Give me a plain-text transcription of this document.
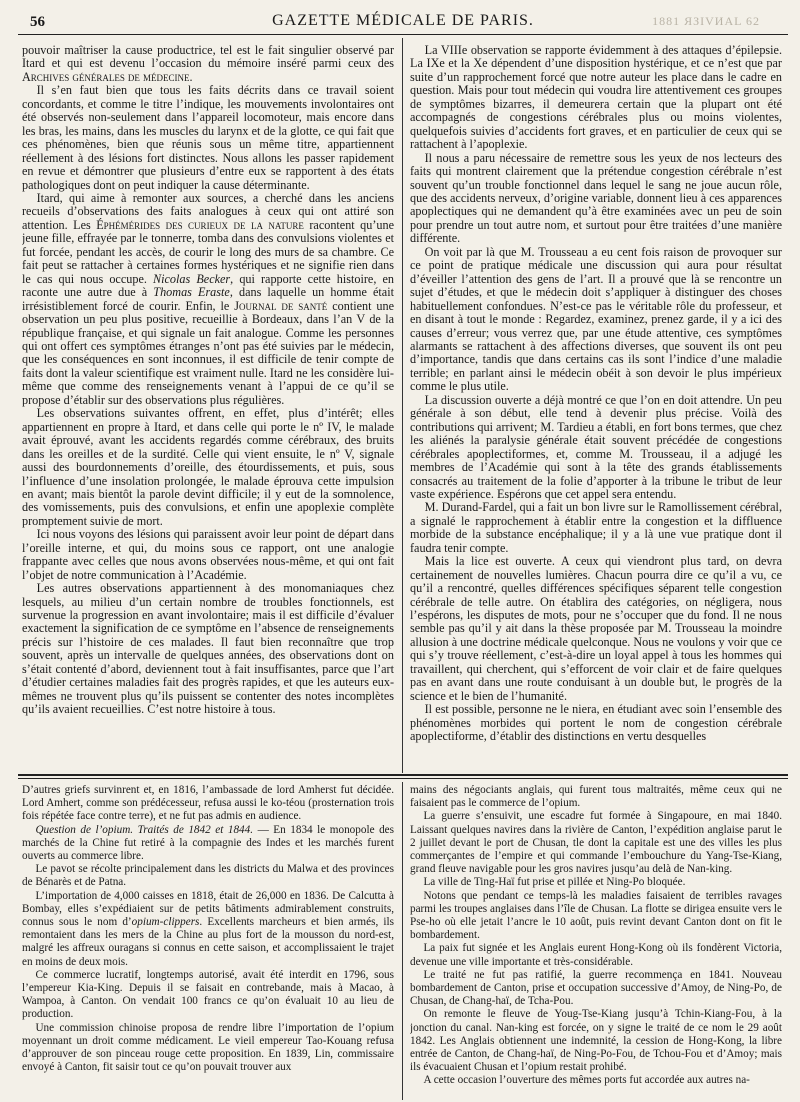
56	GAZETTE MÉDICALE DE PARIS.	1881 ЯЗΙVИАL 62

pouvoir maîtriser la cause productrice, tel est le fait singulier observé par Itard et qui est devenu l’occasion du mémoire inséré parmi ceux des Archives générales de médecine.

Il s’en faut bien que tous les faits décrits dans ce travail soient concordants, et comme le titre l’indique, les mouvements involontaires ont été observés non-seulement dans l’appareil locomoteur, mais encore dans les bras, les mains, dans les muscles du larynx et de la glotte, ce qui fait que ces phénomènes, bien que réunis sous un même titre, appartiennent réellement à des lésions fort distinctes. Nous allons les passer rapidement en revue et démontrer que plusieurs d’entre eux se rapportent à des états pathologiques dont on peut indiquer la cause déterminante.

Itard, qui aime à remonter aux sources, a cherché dans les anciens recueils d’observations des faits analogues à ceux qui ont attiré son attention. Les Éphémérides des curieux de la nature racontent qu’une jeune fille, effrayée par le tonnerre, tomba dans des convulsions violentes et fut forcée, pendant les accès, de courir le long des murs de sa chambre. Ce fait peut se rattacher à certaines formes hystériques et ne signifie rien dans le cas qui nous occupe. Nicolas Becker, qui rapporte cette histoire, en raconte une autre due à Thomas Eraste, dans laquelle un homme était irrésistiblement forcé de courir. Enfin, le Journal de santé contient une observation un peu plus positive, recueillie à Bordeaux, dans l’an V de la république française, et qui signale un fait analogue. Comme les personnes qui ont offert ces symptômes étranges n’ont pas été suivies par le médecin, que les conséquences en sont inconnues, il est difficile de tenir compte de faits dont la valeur scientifique est vraiment nulle. Itard ne les considère lui-même que comme des renseignements venant à l’appui de ce qu’il se propose d’établir sur des observations plus régulières.

Les observations suivantes offrent, en effet, plus d’intérêt; elles appartiennent en propre à Itard, et dans celle qui porte le nº IV, le malade avait éprouvé, avant les accidents regardés comme cérébraux, des bruits dans les oreilles et de la surdité. Celle qui vient ensuite, le nº V, signale aussi des bourdonnements d’oreille, des étourdissements, et puis, sous l’influence d’une insolation prolongée, le malade éprouva cette impulsion en avant; mais bientôt la parole devint difficile; il y eut de la somnolence, des vomissements, puis des convulsions, et enfin une apoplexie complète promptement suivie de mort.

Ici nous voyons des lésions qui paraissent avoir leur point de départ dans l’oreille interne, et qui, du moins sous ce rapport, ont une analogie frappante avec celles que nous avons observées nous-même, et qui ont fait l’objet de notre communication à l’Académie.

Les autres observations appartiennent à des monomaniaques chez lesquels, au milieu d’un certain nombre de troubles fonctionnels, est survenue la progression en avant involontaire; mais il est difficile d’évaluer exactement la signification de ce symptôme en l’absence de renseignements précis sur l’histoire de ces malades. Il faut bien reconnaître que trop souvent, après un intervalle de quelques années, des observations dont on s’était contenté d’abord, deviennent tout à fait insuffisantes, parce que l’art d’étudier certaines maladies fait des progrès rapides, et que les auteurs eux-mêmes ne trouvent plus qu’ils puissent se contenter des notes incomplètes qu’ils avaient recueillies. C’est notre histoire à tous.

La VIIIe observation se rapporte évidemment à des attaques d’épilepsie. La IXe et la Xe dépendent d’une disposition hystérique, et ce n’est que par suite d’un rapprochement forcé que notre auteur les place dans le cadre en question. Mais pour tout médecin qui voudra lire attentivement ces groupes de symptômes bizarres, il demeurera certain que la plupart ont été accompagnés de congestions cérébrales plus ou moins violentes, quelquefois suivies d’accidents fort graves, et en particulier de ceux qui se rattachent à l’apoplexie.

Il nous a paru nécessaire de remettre sous les yeux de nos lecteurs des faits qui montrent clairement que la prétendue congestion cérébrale n’est souvent qu’un trouble fonctionnel dans lequel le sang ne joue aucun rôle, que des accidents nerveux, d’origine variable, donnent lieu à ces apparences apoplectiques qui ne demandent qu’à être examinées avec un peu de soin pour prendre un tout autre nom, et surtout pour être traitées d’une manière différente.

On voit par là que M. Trousseau a eu cent fois raison de provoquer sur ce point de pratique médicale une discussion qui aura pour résultat d’éveiller l’attention des gens de l’art. Il a prouvé que là se rencontre un sujet d’études, et que le médecin doit s’appliquer à distinguer des choses habituellement confondues. N’est-ce pas le véritable rôle du professeur, et en disant à tout le monde : Regardez, examinez, prenez garde, il y a ici des causes d’erreur; vous verrez que, par une étude attentive, ces symptômes alarmants se rattachent à des affections diverses, que souvent ils ont peu d’importance, tandis que dans certains cas ils sont l’indice d’une maladie terrible; en parlant ainsi le médecin obéit à son devoir le plus impérieux comme le plus utile.

La discussion ouverte a déjà montré ce que l’on en doit attendre. Un peu générale à son début, elle tend à devenir plus précise. Voilà des contributions qui arrivent; M. Tardieu a établi, en fort bons termes, que chez les aliénés la paralysie générale était souvent précédée de congestions cérébrales apoplectiformes, et, comme M. Trousseau, il a adjugé les membres de l’Académie qui sont à la tête des grands établissements consacrés au traitement de la folie d’apporter à la tribune le tribut de leur vaste expérience. Espérons que cet appel sera entendu.

M. Durand-Fardel, qui a fait un bon livre sur le Ramollissement cérébral, a signalé le rapprochement à établir entre la congestion et la diffluence morbide de la substance encéphalique; il y a là une vue pratique dont il faudra tenir compte.

Mais la lice est ouverte. A ceux qui viendront plus tard, on devra certainement de nouvelles lumières. Chacun pourra dire ce qu’il a vu, ce qu’il a rencontré, quelles différences spécifiques séparent telle congestion cérébrale de telle autre. On établira des catégories, on négligera, nous l’espérons, les disputes de mots, pour ne s’occuper que du fond. Il ne nous semble pas qu’il y ait dans la thèse proposée par M. Trousseau la moindre allusion à une doctrine médicale quelconque. Nous ne voulons y voir que ce qui s’y trouve réellement, c’est-à-dire un loyal appel à tous les hommes qui travaillent, qui cherchent, qui s’efforcent de voir clair et de faire quelques pas en avant dans une route conduisant à un double but, le progrès de la science et le bien de l’humanité.

Il est possible, personne ne le niera, en étudiant avec soin l’ensemble des phénomènes morbides qui portent le nom de congestion cérébrale apoplectiforme, d’établir des distinctions en vertu desquelles

D’autres griefs survinrent et, en 1816, l’ambassade de lord Amherst fut décidée. Lord Amhert, comme son prédécesseur, refusa aussi le ko-téou (prosternation trois fois répétée face contre terre), et ne fut pas admis en audience.

Question de l’opium. Traités de 1842 et 1844. — En 1834 le monopole des marchés de la Chine fut retiré à la compagnie des Indes et les marchés furent ouverts au commerce libre.

Le pavot se récolte principalement dans les districts du Malwa et des provinces de Bénarès et de Patna.

L’importation de 4,000 caisses en 1818, était de 26,000 en 1836. De Calcutta à Bombay, elles s’expédiaient sur de petits bâtiments admirablement construits, connus sous le nom d’opium-clippers. Excellents marcheurs et bien armés, ils remontaient dans les mers de la Chine au plus fort de la mousson du nord-est, malgré les affreux ouragans si connus en cette saison, et accomplissaient le trajet en moins de deux mois.

Ce commerce lucratif, longtemps autorisé, avait été interdit en 1796, sous l’empereur Kia-King. Depuis il se faisait en contrebande, mais à Macao, à Wampoa, à Canton. On vendait 100 francs ce qu’on évaluait 10 au lieu de production.

Une commission chinoise proposa de rendre libre l’importation de l’opium moyennant un droit comme médicament. Le vieil empereur Tao-Kouang refusa d’approuver de son pinceau rouge cette proposition. En 1839, Lin, commissaire envoyé à Canton, fit saisir tout ce qu’on pouvait trouver aux

mains des négociants anglais, qui furent tous maltraités, même ceux qui ne faisaient pas le commerce de l’opium.

La guerre s’ensuivit, une escadre fut formée à Singapoure, en mai 1840. Laissant quelques navires dans la rivière de Canton, l’expédition anglaise parut le 2 juillet devant le port de Chusan, tle dont la capitale est une des villes les plus commerçantes de l’empire et qui commande l’embouchure du Yang-Tse-Kiang, grand fleuve navigable pour les gros navires jusqu’au delà de Nan-king.

La ville de Ting-Haï fut prise et pillée et Ning-Po bloquée.

Notons que pendant ce temps-là les maladies faisaient de terribles ravages parmi les troupes anglaises dans l’île de Chusan. La flotte se dirigea ensuite vers le Pse-ho où elle jetait l’ancre le 10 août, puis revint devant Canton dont on fit le bombardement.

La paix fut signée et les Anglais eurent Hong-Kong où ils fondèrent Victoria, devenue une ville importante et très-considérable.

Le traité ne fut pas ratifié, la guerre recommença en 1841. Nouveau bombardement de Canton, prise et occupation successive d’Amoy, de Ning-Po, de Chusan, de Chang-haï, de Tcha-Pou.

On remonte le fleuve de Youg-Tse-Kiang jusqu’à Tchin-Kiang-Fou, à la jonction du canal. Nan-king est forcée, on y signe le traité de ce nom le 29 août 1842. Les Anglais obtiennent une indemnité, la cession de Hong-Kong, la libre entrée de Canton, de Chang-haï, de Ning-Po-Fou, de Tchou-Fou et d’Amoy; mais ils évacuaient Chusan et l’opium restait prohibé.

A cette occasion l’ouverture des mêmes ports fut accordée aux autres na-
